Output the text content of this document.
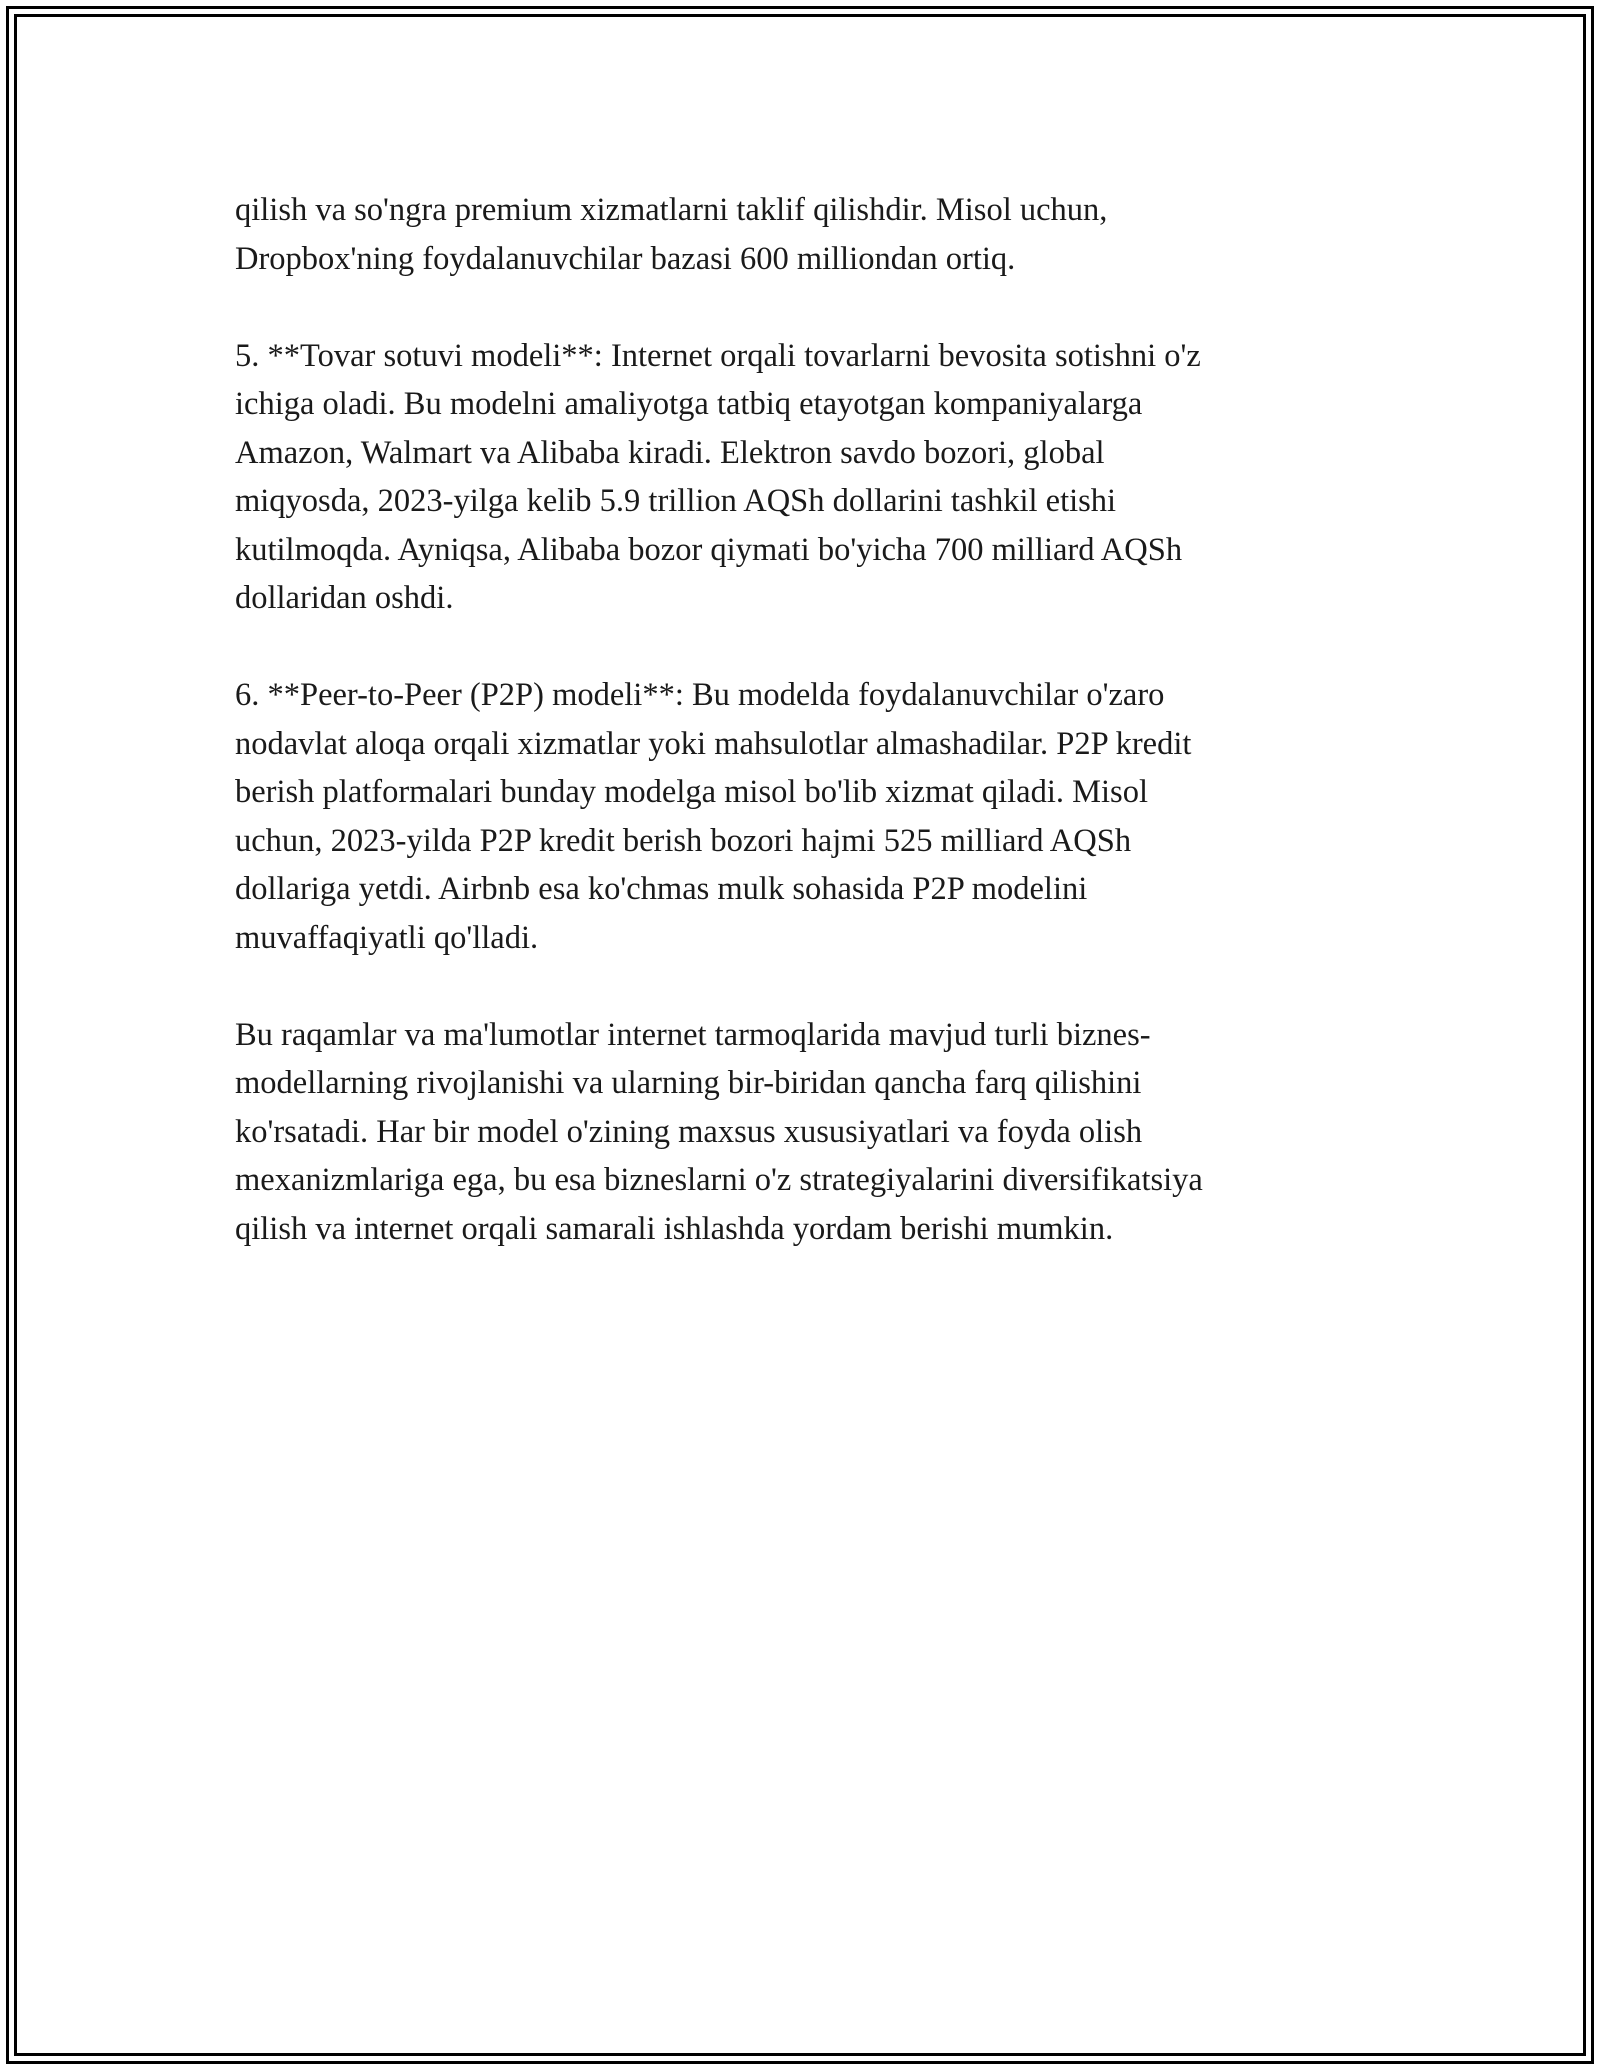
qilish va so'ngra premium xizmatlarni taklif qilishdir. Misol uchun,
Dropbox'ning foydalanuvchilar bazasi 600 milliondan ortiq.

5. **Tovar sotuvi modeli**: Internet orqali tovarlarni bevosita sotishni o'z
ichiga oladi. Bu modelni amaliyotga tatbiq etayotgan kompaniyalarga
Amazon, Walmart va Alibaba kiradi. Elektron savdo bozori, global
miqyosda, 2023-yilga kelib 5.9 trillion AQSh dollarini tashkil etishi
kutilmoqda. Ayniqsa, Alibaba bozor qiymati bo'yicha 700 milliard AQSh
dollaridan oshdi.

6. **Peer-to-Peer (P2P) modeli**: Bu modelda foydalanuvchilar o'zaro
nodavlat aloqa orqali xizmatlar yoki mahsulotlar almashadilar. P2P kredit
berish platformalari bunday modelga misol bo'lib xizmat qiladi. Misol
uchun, 2023-yilda P2P kredit berish bozori hajmi 525 milliard AQSh
dollariga yetdi. Airbnb esa ko'chmas mulk sohasida P2P modelini
muvaffaqiyatli qo'lladi.

Bu raqamlar va ma'lumotlar internet tarmoqlarida mavjud turli biznes-
modellarning rivojlanishi va ularning bir-biridan qancha farq qilishini
ko'rsatadi. Har bir model o'zining maxsus xususiyatlari va foyda olish
mexanizmlariga ega, bu esa bizneslarni o'z strategiyalarini diversifikatsiya
qilish va internet orqali samarali ishlashda yordam berishi mumkin.
